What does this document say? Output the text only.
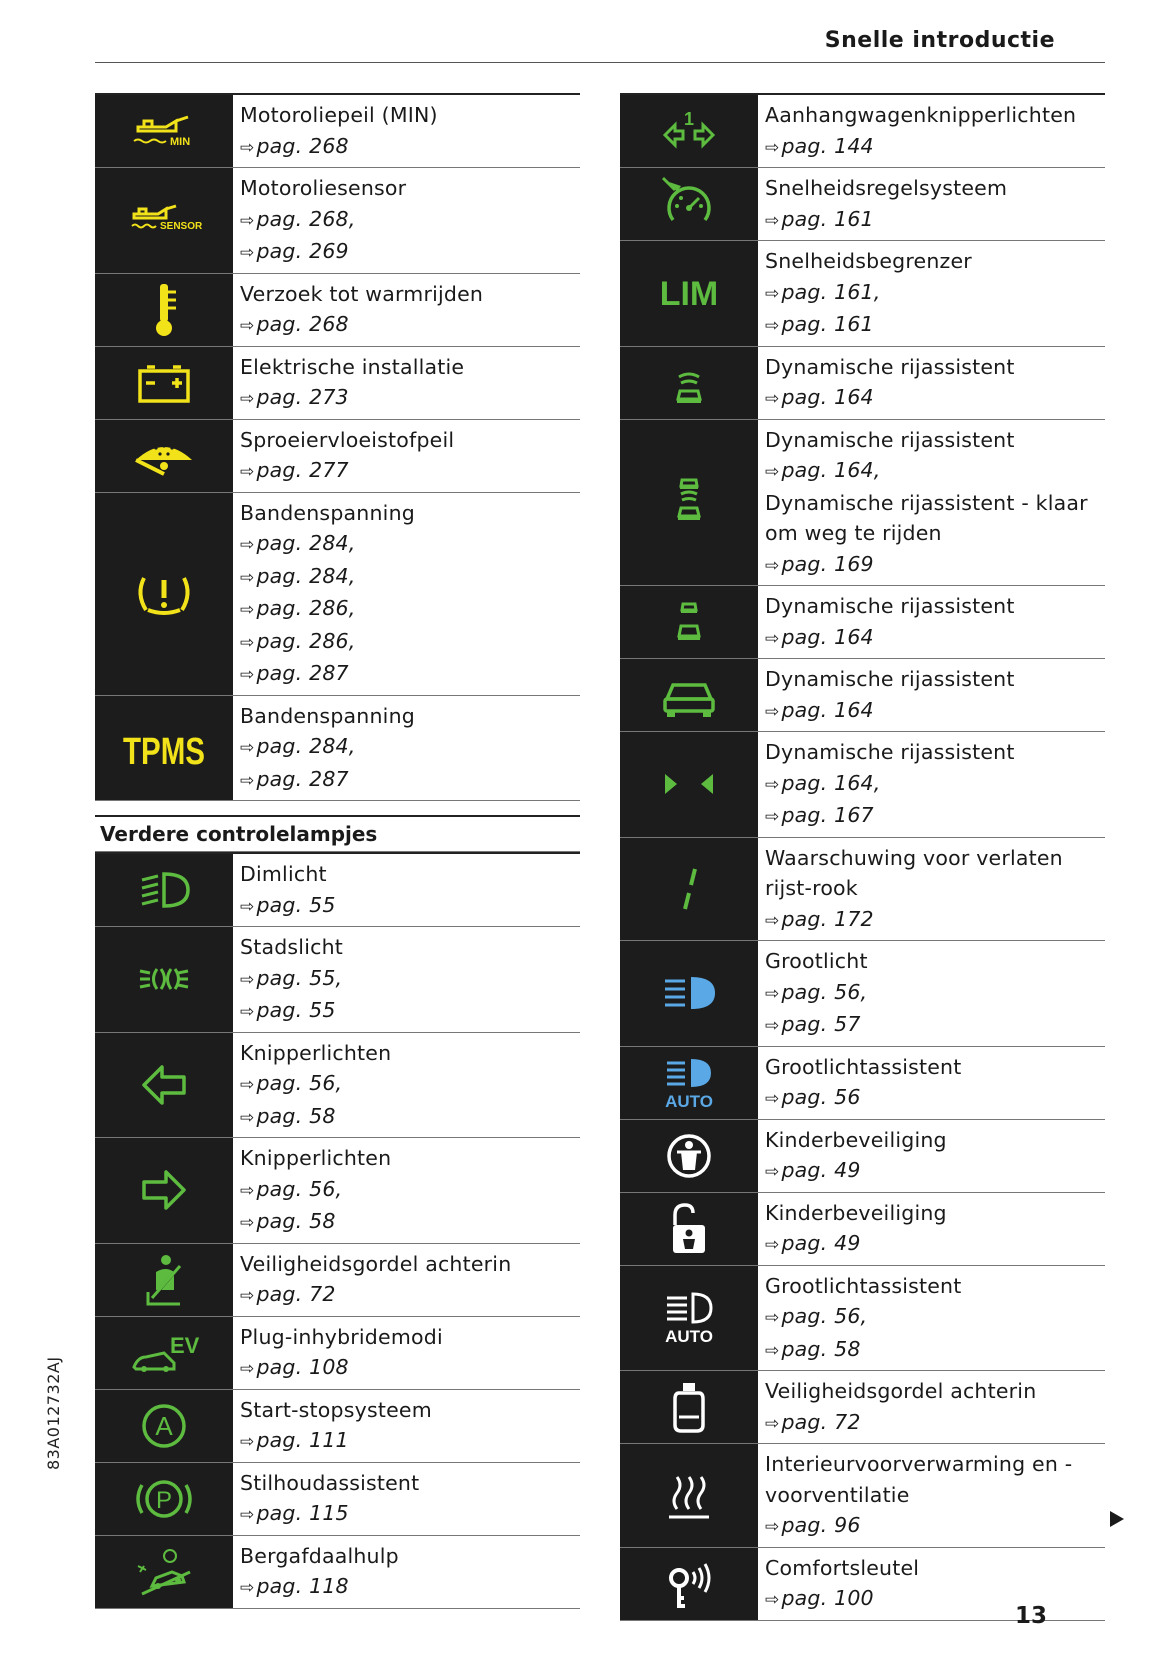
Snelle introductie
MIN
Motoroliepeil (MIN)
⇨pag. 268
SENSOR
Motoroliesensor
⇨pag. 268,
⇨pag. 269
Verzoek tot warmrijden
⇨pag. 268
Elektrische installatie
⇨pag. 273
Sproeiervloeistofpeil
⇨pag. 277
Bandenspanning
⇨pag. 284,
⇨pag. 284,
⇨pag. 286,
⇨pag. 286,
⇨pag. 287
TPMS
Bandenspanning
⇨pag. 284,
⇨pag. 287
Verdere controlelampjes
Dimlicht
⇨pag. 55
Stadslicht
⇨pag. 55,
⇨pag. 55
Knipperlichten
⇨pag. 56,
⇨pag. 58
Knipperlichten
⇨pag. 56,
⇨pag. 58
Veiligheidsgordel achterin
⇨pag. 72
EV Plug-inhybridemodi
⇨pag. 108
A
Start-stopsysteem
⇨pag. 111
P
Stilhoudassistent
⇨pag. 115
Bergafdaalhulp
⇨pag. 118
1	Aanhangwagenknipperlichten
⇨pag. 144
Snelheidsregelsysteem
⇨pag. 161
LIM
Snelheidsbegrenzer
⇨pag. 161,
⇨pag. 161
Dynamische rijassistent
⇨pag. 164
Dynamische rijassistent
⇨pag. 164,
Dynamische rijassistent - klaar om weg te rijden
⇨pag. 169
Dynamische rijassistent
⇨pag. 164
Dynamische rijassistent
⇨pag. 164
Dynamische rijassistent
⇨pag. 164,
⇨pag. 167
Waarschuwing voor verlaten rijst-rook
⇨pag. 172
Grootlicht
⇨pag. 56,
⇨pag. 57
AUTO
Grootlichtassistent
⇨pag. 56
Kinderbeveiliging
⇨pag. 49
Kinderbeveiliging
⇨pag. 49
AUTO
Grootlichtassistent
⇨pag. 56,
⇨pag. 58
Veiligheidsgordel achterin
⇨pag. 72
Interieurvoorverwarming en -voorventilatie
⇨pag. 96
Comfortsleutel
⇨pag. 100
83A012732AJ
13
